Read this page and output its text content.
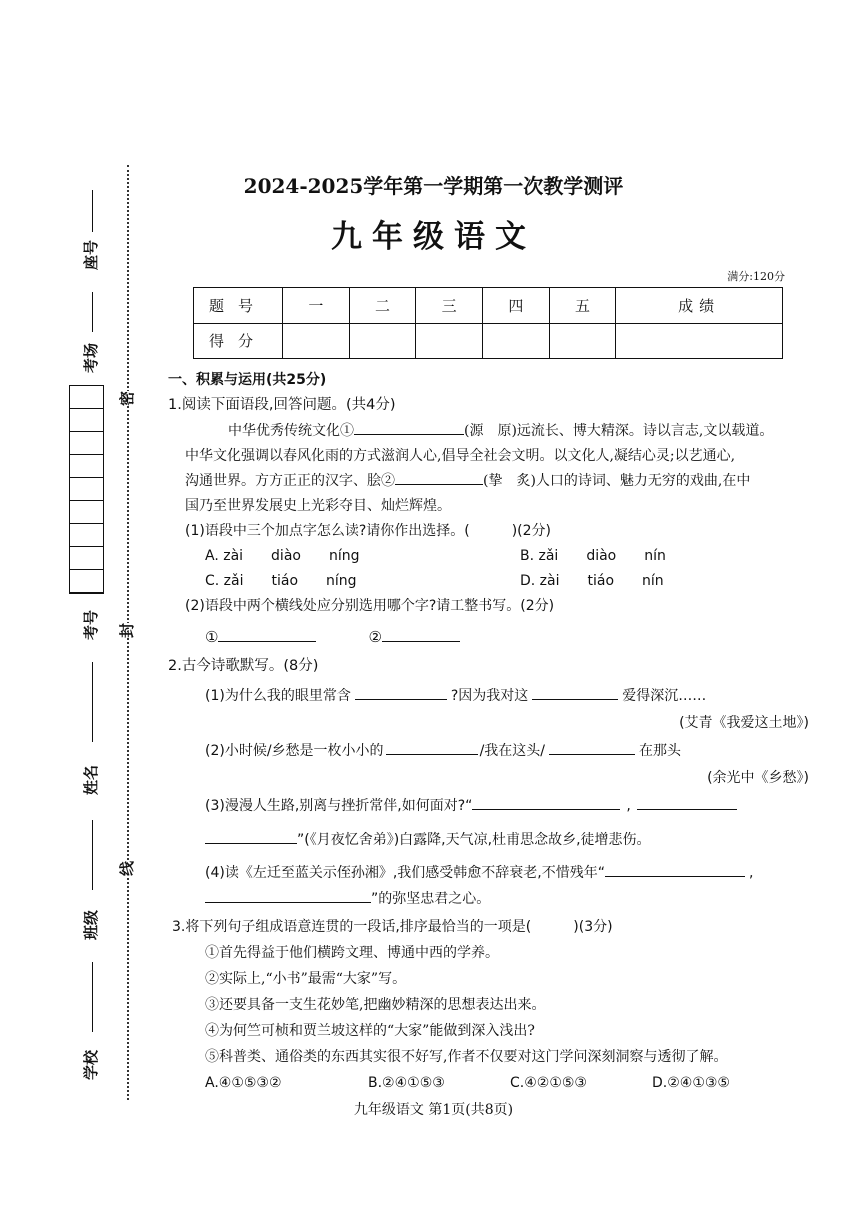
座号
考场
考号
姓名
班级
学校
密
封
线
2024-2025学年第一学期第一次教学测评
九年级语文
满分:120分
题号	一	二	三	四	五	成绩
得分						
一、积累与运用(共25分)
1.阅读下面语段,回答问题。(共4分)
中华优秀传统文化①	(源　原)远流长、博大精深。诗以言志,文以载道。
中华文化强调以春风化雨的方式滋润人心,倡导全社会文明。以文化人,凝结心灵;以艺通心,
沟通世界。方方正正的汉字、脍②	(挚　炙)人口的诗词、魅力无穷的戏曲,在中
国乃至世界发展史上光彩夺目、灿烂辉煌。
(1)语段中三个加点字怎么读?请你作出选择。(　　　)(2分)
A. zài　　diào　　níng	B. zǎi　　diào　　nín
C. zǎi　　tiáo　　níng	D. zài　　tiáo　　nín
(2)语段中两个横线处应分别选用哪个字?请工整书写。(2分)
①	②
2.古今诗歌默写。(8分)
(1)为什么我的眼里常含	?因为我对这	爱得深沉……
(艾青《我爱这土地》)
(2)小时候/乡愁是一枚小小的	/我在这头/	在那头
(余光中《乡愁》)
(3)漫漫人生路,别离与挫折常伴,如何面对?“	,
”(《月夜忆舍弟》)白露降,天气凉,杜甫思念故乡,徒增悲伤。
(4)读《左迁至蓝关示侄孙湘》,我们感受韩愈不辞衰老,不惜残年“	,
”的弥坚忠君之心。
3.将下列句子组成语意连贯的一段话,排序最恰当的一项是(　　　)(3分)
①首先得益于他们横跨文理、博通中西的学养。
②实际上,“小书”最需“大家”写。
③还要具备一支生花妙笔,把幽妙精深的思想表达出来。
④为何竺可桢和贾兰坡这样的“大家”能做到深入浅出?
⑤科普类、通俗类的东西其实很不好写,作者不仅要对这门学问深刻洞察与透彻了解。
A.④①⑤③②	B.②④①⑤③	C.④②①⑤③	D.②④①③⑤
九年级语文 第1页(共8页)
